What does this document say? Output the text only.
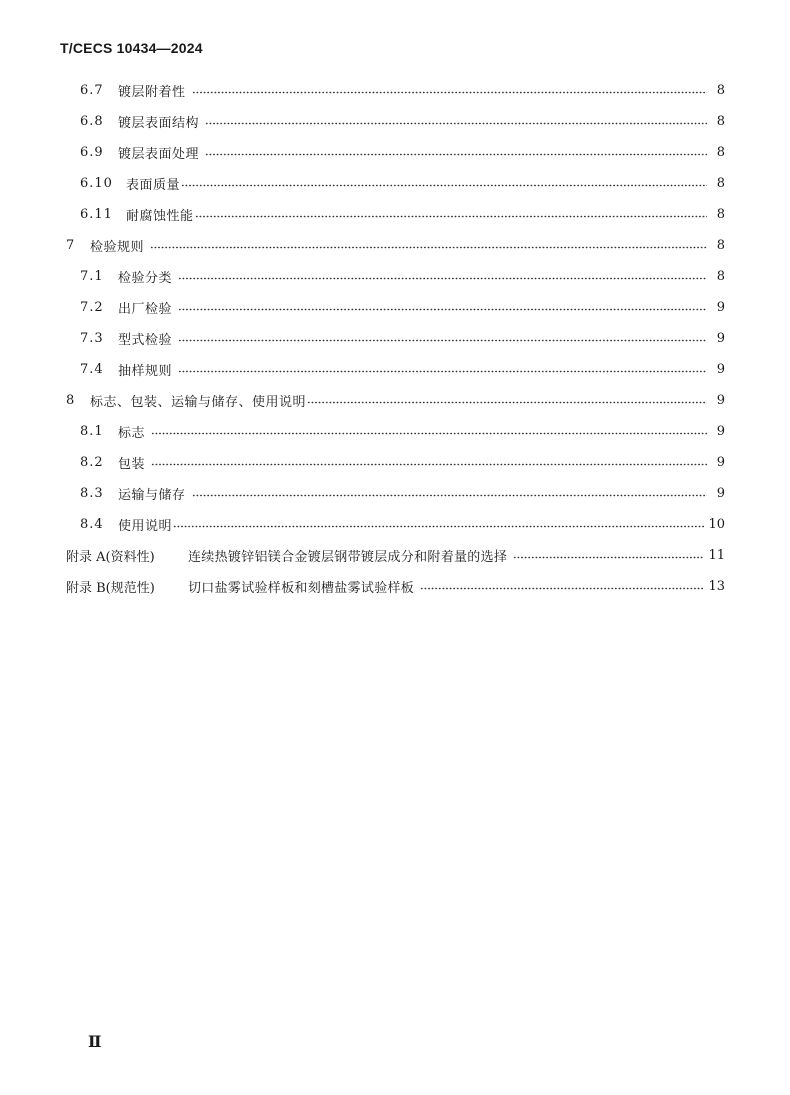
T/CECS 10434—2024
6.7	镀层附着性	8
6.8	镀层表面结构	8
6.9	镀层表面处理	8
6.10	表面质量	8
6.11	耐腐蚀性能	8
7	检验规则	8
7.1	检验分类	8
7.2	出厂检验	9
7.3	型式检验	9
7.4	抽样规则	9
8	标志、包装、运输与储存、使用说明	9
8.1	标志	9
8.2	包装	9
8.3	运输与储存	9
8.4	使用说明	10
附录 A(资料性)	连续热镀锌铝镁合金镀层钢带镀层成分和附着量的选择	11
附录 B(规范性)	切口盐雾试验样板和刻槽盐雾试验样板	13
Ⅱ
